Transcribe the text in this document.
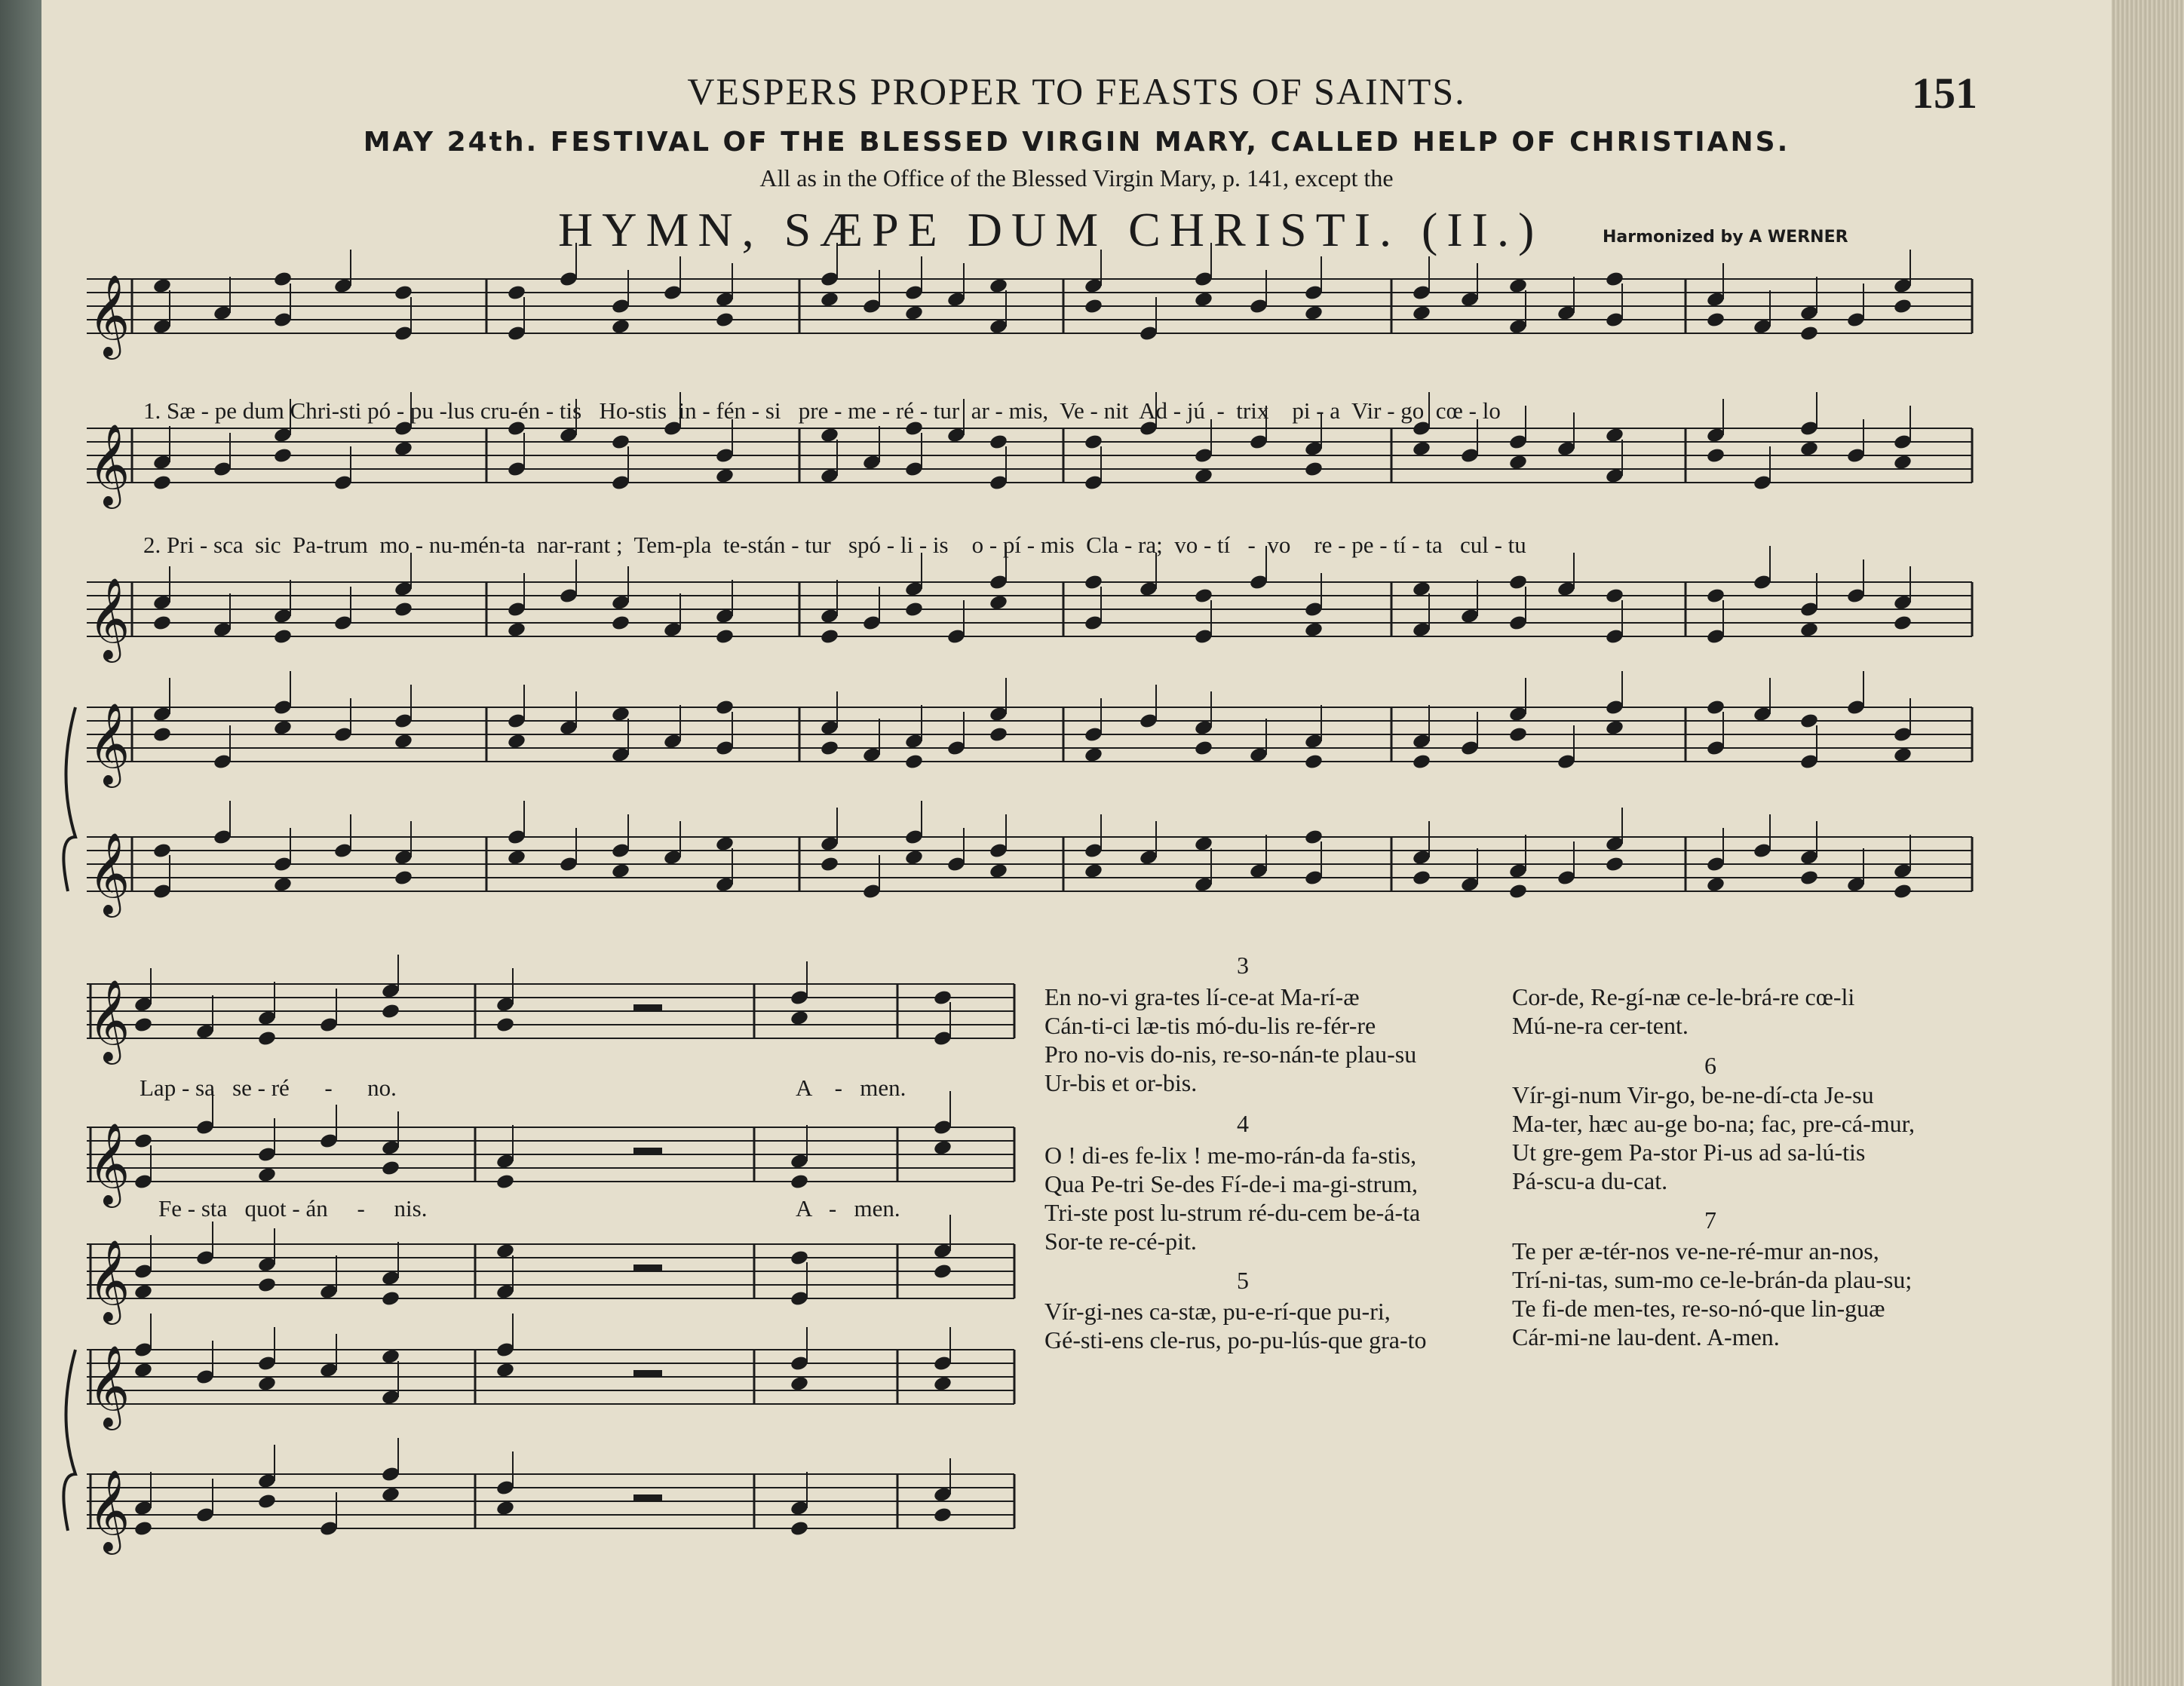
VESPERS PROPER TO FEASTS OF SAINTS.	151
MAY 24th. FESTIVAL OF THE BLESSED VIRGIN MARY, CALLED HELP OF CHRISTIANS.
All as in the Office of the Blessed Virgin Mary, p. 141, except the
HYMN, SÆPE DUM CHRISTI. (II.)	Harmonized by A WERNER
𝄞
𝄞
𝄞
𝄞
𝄞
𝄞
𝄞
𝄞
𝄞
𝄞
1. Sæ - pe dum Chri-sti pó - pu -lus cru-én - tis   Ho-stis  in - fén - si   pre - me - ré - tur  ar - mis,  Ve - nit  Ad - jú  -  trix    pi - a  Vir - go  cœ - lo
2. Pri - sca  sic  Pa-trum  mo - nu-mén-ta  nar-rant ;  Tem-pla  te-stán - tur   spó - li - is    o - pí - mis  Cla - ra;  vo - tí   -  vo    re - pe - tí - ta   cul - tu
Lap - sa   se - ré      -      no.	A    -   men.
Fe - sta   quot - án     -     nis.	A   -   men.
3
En no-vi gra-tes lí-ce-at Ma-rí-æ
Cán-ti-ci læ-tis mó-du-lis re-fér-re
Pro no-vis do-nis, re-so-nán-te plau-su
Ur-bis et or-bis.
4
O ! di-es fe-lix ! me-mo-rán-da fa-stis,
Qua Pe-tri Se-des Fí-de-i ma-gi-strum,
Tri-ste post lu-strum ré-du-cem be-á-ta
Sor-te re-cé-pit.
5
Vír-gi-nes ca-stæ, pu-e-rí-que pu-ri,
Gé-sti-ens cle-rus, po-pu-lús-que gra-to
Cor-de, Re-gí-næ ce-le-brá-re cœ-li
Mú-ne-ra cer-tent.
6
Vír-gi-num Vir-go, be-ne-dí-cta Je-su
Ma-ter, hæc au-ge bo-na; fac, pre-cá-mur,
Ut gre-gem Pa-stor Pi-us ad sa-lú-tis
Pá-scu-a du-cat.
7
Te per æ-tér-nos ve-ne-ré-mur an-nos,
Trí-ni-tas, sum-mo ce-le-brán-da plau-su;
Te fi-de men-tes, re-so-nó-que lin-guæ
Cár-mi-ne lau-dent. A-men.
